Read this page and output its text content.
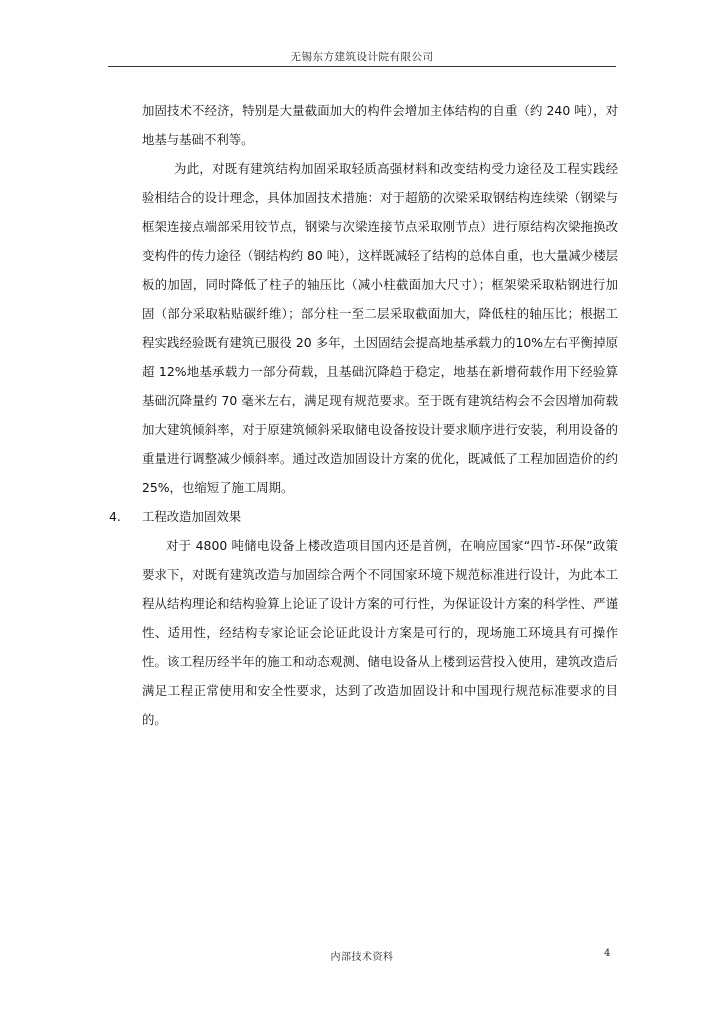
无锡东方建筑设计院有限公司

加固技术不经济，特别是大量截面加大的构件会增加主体结构的自重（约 240 吨），对地基与基础不利等。

为此，对既有建筑结构加固采取轻质高强材料和改变结构受力途径及工程实践经验相结合的设计理念，具体加固技术措施：对于超筋的次梁采取钢结构连续梁（钢梁与框架连接点端部采用铰节点，钢梁与次梁连接节点采取刚节点）进行原结构次梁拖换改变构件的传力途径（钢结构约 80 吨），这样既减轻了结构的总体自重，也大量减少楼层板的加固，同时降低了柱子的轴压比（减小柱截面加大尺寸）；框架梁采取粘钢进行加固（部分采取粘贴碳纤维）；部分柱一至二层采取截面加大，降低柱的轴压比；根据工程实践经验既有建筑已服役 20 多年，土因固结会提高地基承载力的10%左右平衡掉原超 12%地基承载力一部分荷载，且基础沉降趋于稳定，地基在新增荷载作用下经验算基础沉降量约 70 毫米左右，满足现有规范要求。至于既有建筑结构会不会因增加荷载加大建筑倾斜率，对于原建筑倾斜采取储电设备按设计要求顺序进行安装，利用设备的重量进行调整减少倾斜率。通过改造加固设计方案的优化，既减低了工程加固造价的约 25%，也缩短了施工周期。

4. 工程改造加固效果

对于 4800 吨储电设备上楼改造项目国内还是首例，在响应国家“四节-环保”政策要求下，对既有建筑改造与加固综合两个不同国家环境下规范标准进行设计，为此本工程从结构理论和结构验算上论证了设计方案的可行性，为保证设计方案的科学性、严谨性、适用性，经结构专家论证会论证此设计方案是可行的，现场施工环境具有可操作性。该工程历经半年的施工和动态观测、储电设备从上楼到运营投入使用，建筑改造后满足工程正常使用和安全性要求，达到了改造加固设计和中国现行规范标准要求的目的。

内部技术资料	4
